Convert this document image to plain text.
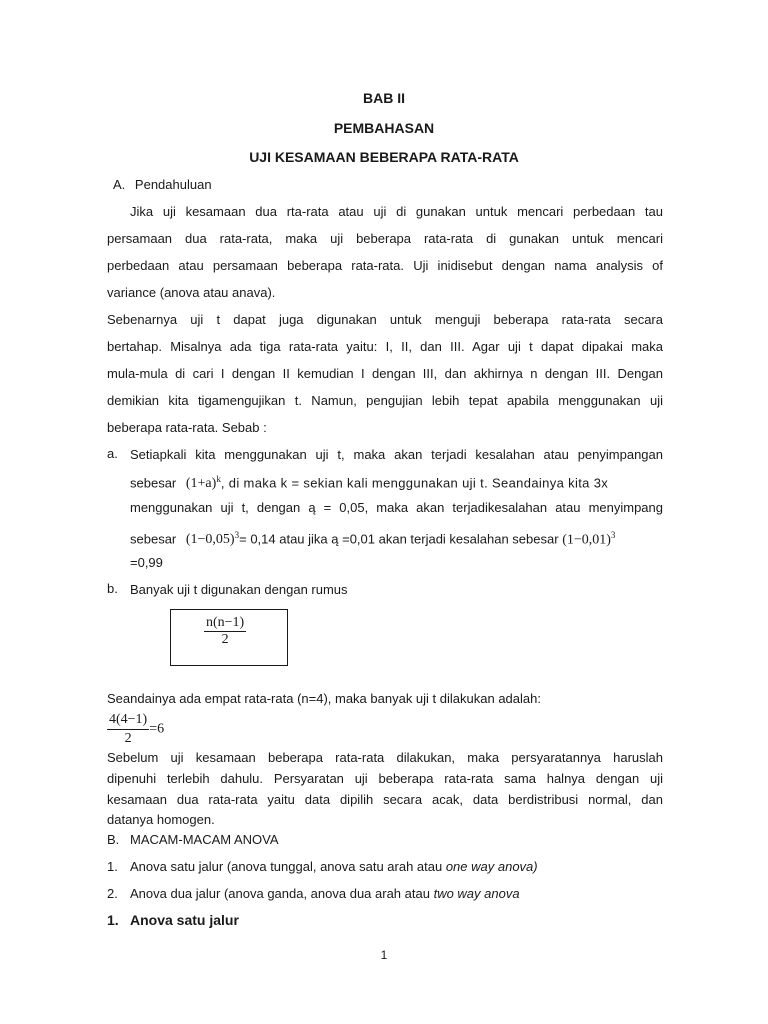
BAB II
PEMBAHASAN
UJI KESAMAAN BEBERAPA RATA-RATA
A. Pendahuluan
Jika uji kesamaan dua rta-rata atau uji di gunakan untuk mencari perbedaan tau
persamaan dua rata-rata, maka uji beberapa rata-rata di gunakan untuk mencari
perbedaan atau persamaan beberapa rata-rata. Uji inidisebut dengan nama analysis of
variance (anova atau anava).
Sebenarnya uji t dapat juga digunakan untuk menguji beberapa rata-rata secara
bertahap. Misalnya ada tiga rata-rata yaitu: I, II, dan III. Agar uji t dapat dipakai maka
mula-mula di cari I dengan II kemudian I dengan III, dan akhirnya n dengan III. Dengan
demikian kita tigamengujikan t. Namun, pengujian lebih tepat apabila menggunakan uji
beberapa rata-rata. Sebab :
a. Setiapkali kita menggunakan uji t, maka akan terjadi kesalahan atau penyimpangan
sebesar $(1+a)^k$, di maka k = sekian kali menggunakan uji t. Seandainya kita 3x
menggunakan uji t, dengan ą = 0,05, maka akan terjadikesalahan atau menyimpang
sebesar $(1-0,05)^3= 0,14$ atau jika ą =0,01 akan terjadi kesalahan sebesar $(1-0,01)^3$
=0,99
b. Banyak uji t digunakan dengan rumus
$\frac{n(n-1)}{2}$
Seandainya ada empat rata-rata (n=4), maka banyak uji t dilakukan adalah:
$\frac{4(4-1)}{2} =6$
Sebelum uji kesamaan beberapa rata-rata dilakukan, maka persyaratannya haruslah
dipenuhi terlebih dahulu. Persyaratan uji beberapa rata-rata sama halnya dengan uji
kesamaan dua rata-rata yaitu data dipilih secara acak, data berdistribusi normal, dan
datanya homogen.
B. MACAM-MACAM ANOVA
1. Anova satu jalur (anova tunggal, anova satu arah atau one way anova)
2. Anova dua jalur (anova ganda, anova dua arah atau two way anova
1. Anova satu jalur
1
